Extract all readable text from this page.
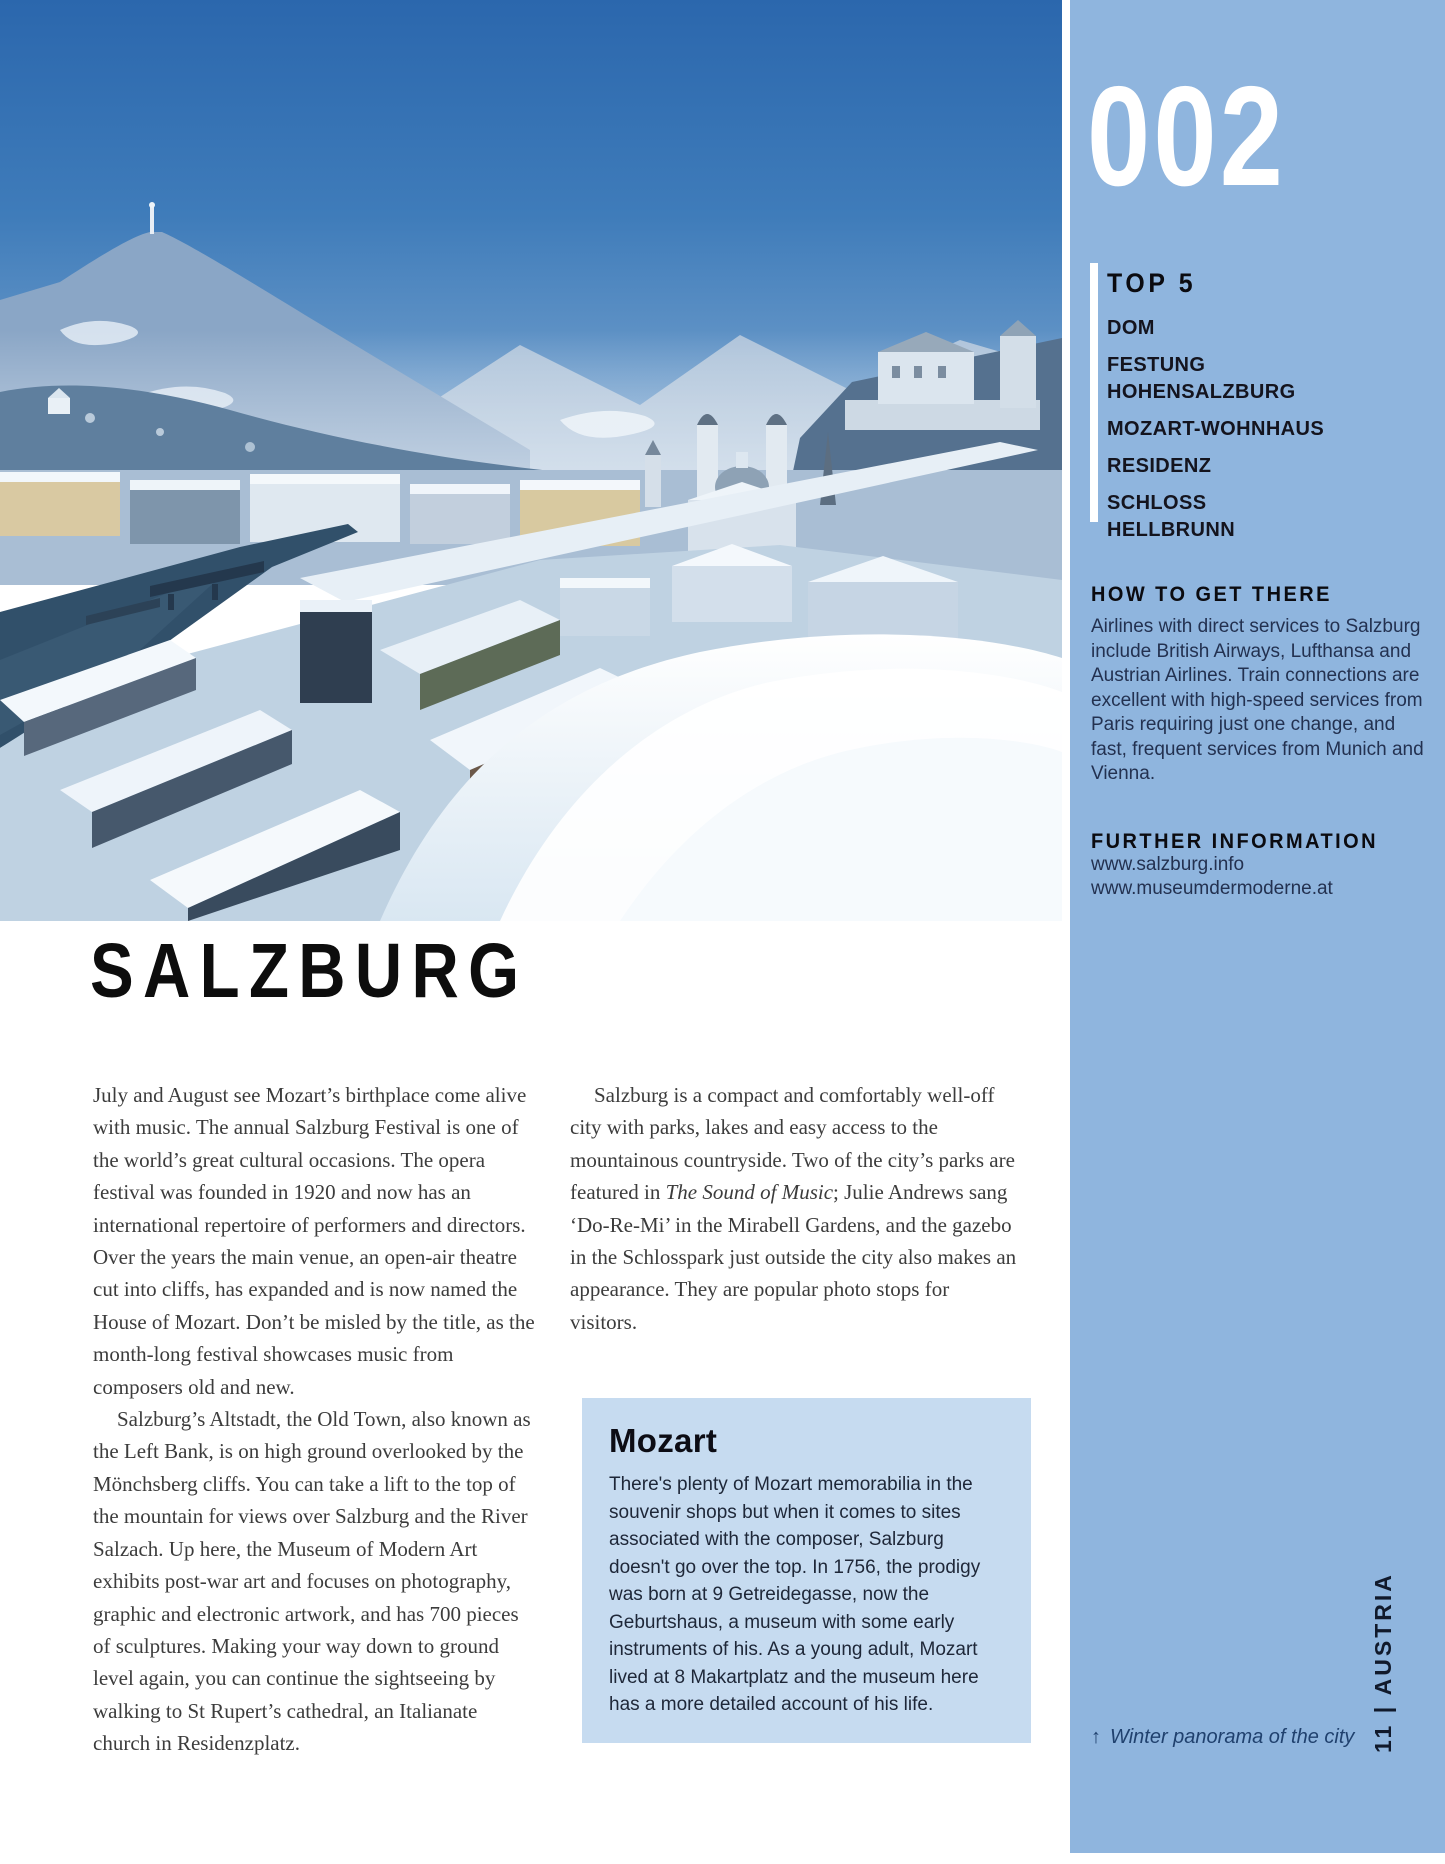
002
TOP 5
DOM
FESTUNG HOHENSALZBURG
MOZART-WOHNHAUS
RESIDENZ
SCHLOSS HELLBRUNN
HOW TO GET THERE

Airlines with direct services to Salzburg include British Airways, Lufthansa and Austrian Airlines. Train connections are excellent with high-speed services from Paris requiring just one change, and fast, frequent services from Munich and Vienna.

FURTHER INFORMATION
www.salzburg.info
www.museumdermoderne.at
↑ Winter panorama of the city 11 | AUSTRIA
SALZBURG

July and August see Mozart’s birthplace come alive with music. The annual Salzburg Festival is one of the world’s great cultural occasions. The opera festival was founded in 1920 and now has an international repertoire of performers and directors. Over the years the main venue, an open-air theatre cut into cliffs, has expanded and is now named the House of Mozart. Don’t be misled by the title, as the month-long festival showcases music from composers old and new.

Salzburg’s Altstadt, the Old Town, also known as the Left Bank, is on high ground overlooked by the Mönchsberg cliffs. You can take a lift to the top of the mountain for views over Salzburg and the River Salzach. Up here, the Museum of Modern Art exhibits post-war art and focuses on photography, graphic and electronic artwork, and has 700 pieces of sculptures. Making your way down to ground level again, you can continue the sightseeing by walking to St Rupert’s cathedral, an Italianate church in Residenzplatz.

Salzburg is a compact and comfortably well-off city with parks, lakes and easy access to the mountainous countryside. Two of the city’s parks are featured in The Sound of Music; Julie Andrews sang ‘Do-Re-Mi’ in the Mirabell Gardens, and the gazebo in the Schlosspark just outside the city also makes an appearance. They are popular photo stops for visitors.

Mozart

There's plenty of Mozart memorabilia in the souvenir shops but when it comes to sites associated with the composer, Salzburg doesn't go over the top. In 1756, the prodigy was born at 9 Getreidegasse, now the Geburtshaus, a museum with some early instruments of his. As a young adult, Mozart lived at 8 Makartplatz and the museum here has a more detailed account of his life.
